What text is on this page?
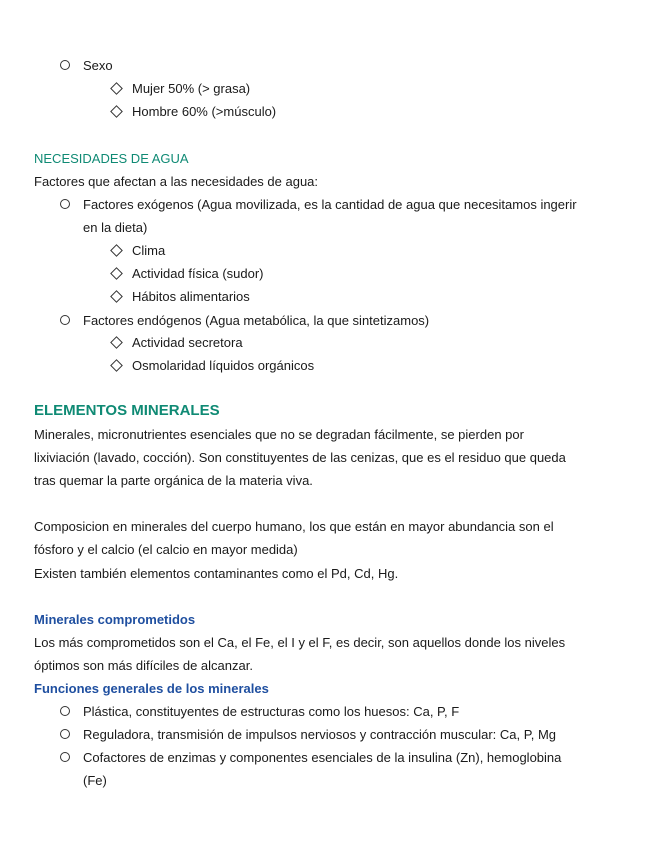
Sexo
Mujer 50% (> grasa)
Hombre 60% (>músculo)
NECESIDADES DE AGUA
Factores que afectan a las necesidades de agua:
Factores exógenos (Agua movilizada, es la cantidad de agua que necesitamos ingerir
en la dieta)
Clima
Actividad física (sudor)
Hábitos alimentarios
Factores endógenos (Agua metabólica, la que sintetizamos)
Actividad secretora
Osmolaridad líquidos orgánicos
ELEMENTOS MINERALES
Minerales, micronutrientes esenciales que no se degradan fácilmente, se pierden por
lixiviación (lavado, cocción). Son constituyentes de las cenizas, que es el residuo que queda
tras quemar la parte orgánica de la materia viva.
Composicion en minerales del cuerpo humano, los que están en mayor abundancia son el
fósforo y el calcio (el calcio en mayor medida)
Existen también elementos contaminantes como el Pd, Cd, Hg.
Minerales comprometidos
Los más comprometidos son el Ca, el Fe, el I y el F, es decir, son aquellos donde los niveles
óptimos son más difíciles de alcanzar.
Funciones generales de los minerales
Plástica, constituyentes de estructuras como los huesos: Ca, P, F
Reguladora, transmisión de impulsos nerviosos y contracción muscular: Ca, P, Mg
Cofactores de enzimas y componentes esenciales de la insulina (Zn), hemoglobina
(Fe)
